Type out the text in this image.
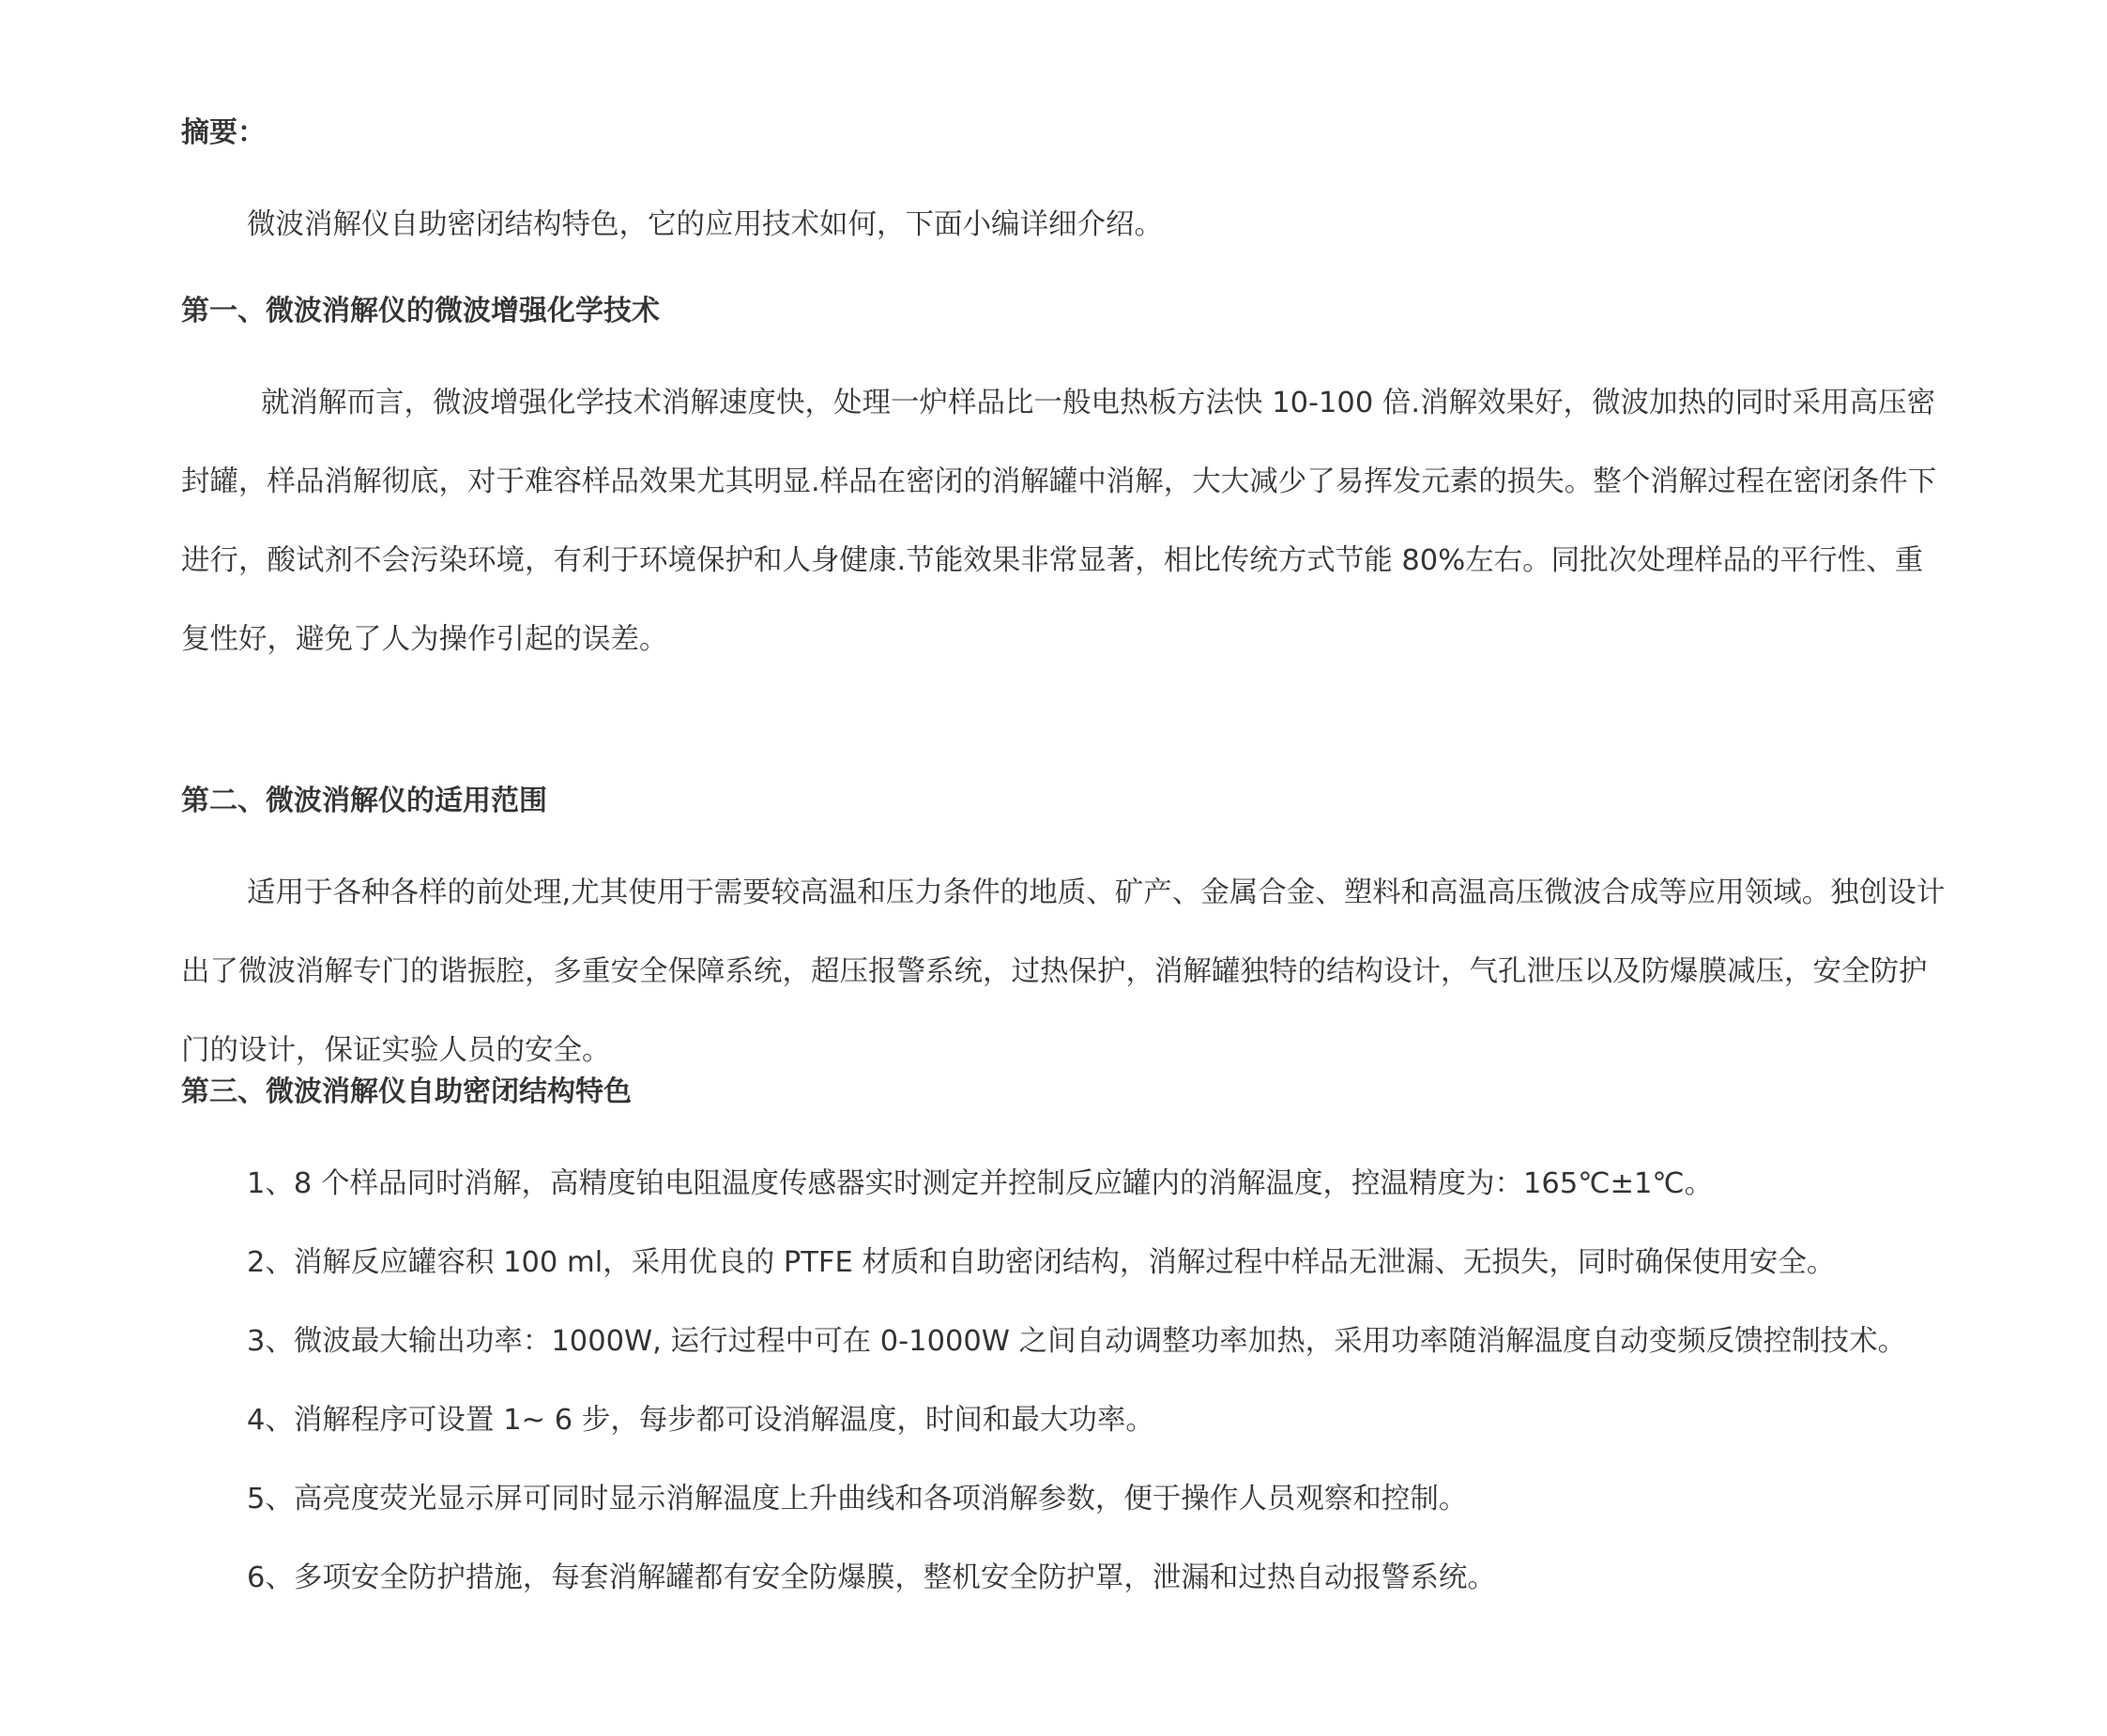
摘要：

微波消解仪自助密闭结构特色，它的应用技术如何，下面小编详细介绍。

第一、微波消解仪的微波增强化学技术

就消解而言，微波增强化学技术消解速度快，处理一炉样品比一般电热板方法快 10-100 倍.消解效果好，微波加热的同时采用高压密封罐，样品消解彻底，对于难容样品效果尤其明显.样品在密闭的消解罐中消解，大大减少了易挥发元素的损失。整个消解过程在密闭条件下进行，酸试剂不会污染环境，有利于环境保护和人身健康.节能效果非常显著，相比传统方式节能 80%左右。同批次处理样品的平行性、重复性好，避免了人为操作引起的误差。

第二、微波消解仪的适用范围

适用于各种各样的前处理,尤其使用于需要较高温和压力条件的地质、矿产、金属合金、塑料和高温高压微波合成等应用领域。独创设计出了微波消解专门的谐振腔，多重安全保障系统，超压报警系统，过热保护，消解罐独特的结构设计，气孔泄压以及防爆膜减压，安全防护门的设计，保证实验人员的安全。

第三、微波消解仪自助密闭结构特色

1、8 个样品同时消解，高精度铂电阻温度传感器实时测定并控制反应罐内的消解温度，控温精度为：165℃±1℃。

2、消解反应罐容积 100 ml，采用优良的 PTFE 材质和自助密闭结构，消解过程中样品无泄漏、无损失，同时确保使用安全。

3、微波最大输出功率：1000W, 运行过程中可在 0-1000W 之间自动调整功率加热，采用功率随消解温度自动变频反馈控制技术。

4、消解程序可设置 1~ 6 步，每步都可设消解温度，时间和最大功率。

5、高亮度荧光显示屏可同时显示消解温度上升曲线和各项消解参数，便于操作人员观察和控制。

6、多项安全防护措施，每套消解罐都有安全防爆膜，整机安全防护罩，泄漏和过热自动报警系统。
